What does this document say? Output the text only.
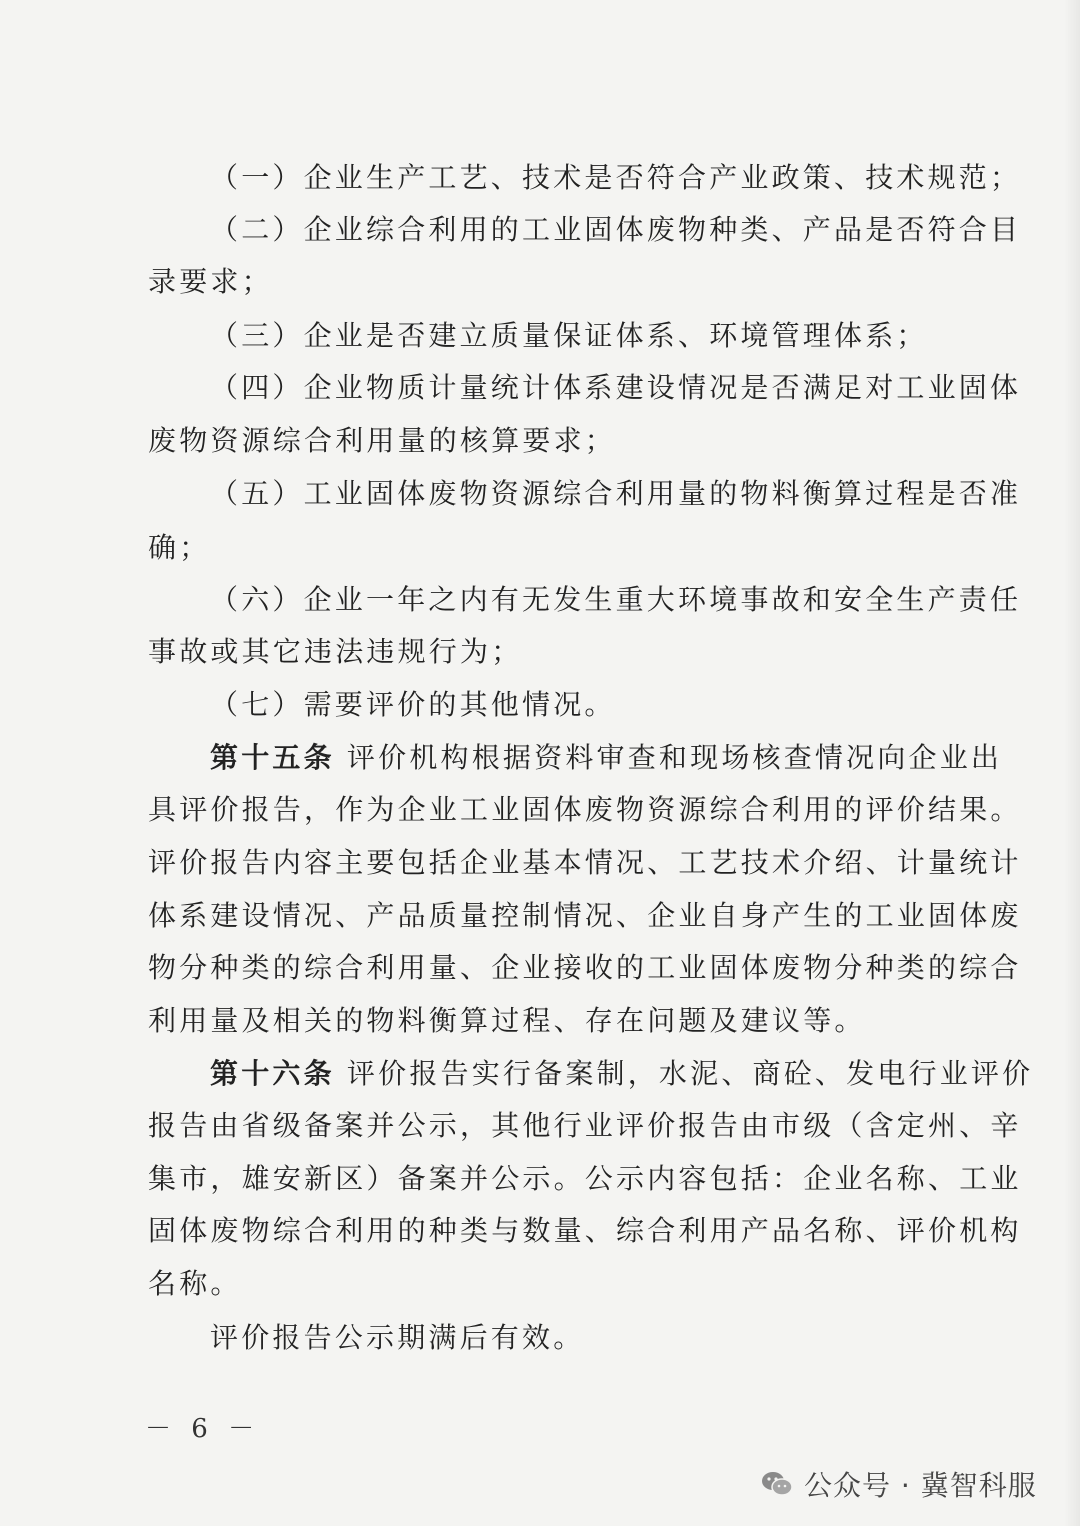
（一）企业生产工艺、技术是否符合产业政策、技术规范；
（二）企业综合利用的工业固体废物种类、产品是否符合目
录要求；
（三）企业是否建立质量保证体系、环境管理体系；
（四）企业物质计量统计体系建设情况是否满足对工业固体
废物资源综合利用量的核算要求；
（五）工业固体废物资源综合利用量的物料衡算过程是否准
确；
（六）企业一年之内有无发生重大环境事故和安全生产责任
事故或其它违法违规行为；
（七）需要评价的其他情况。
第十五条 评价机构根据资料审查和现场核查情况向企业出
具评价报告，作为企业工业固体废物资源综合利用的评价结果。
评价报告内容主要包括企业基本情况、工艺技术介绍、计量统计
体系建设情况、产品质量控制情况、企业自身产生的工业固体废
物分种类的综合利用量、企业接收的工业固体废物分种类的综合
利用量及相关的物料衡算过程、存在问题及建议等。
第十六条 评价报告实行备案制，水泥、商砼、发电行业评价
报告由省级备案并公示，其他行业评价报告由市级（含定州、辛
集市，雄安新区）备案并公示。公示内容包括：企业名称、工业
固体废物综合利用的种类与数量、综合利用产品名称、评价机构
名称。
评价报告公示期满后有效。
－ 6 －
公众号 · 冀智科服
